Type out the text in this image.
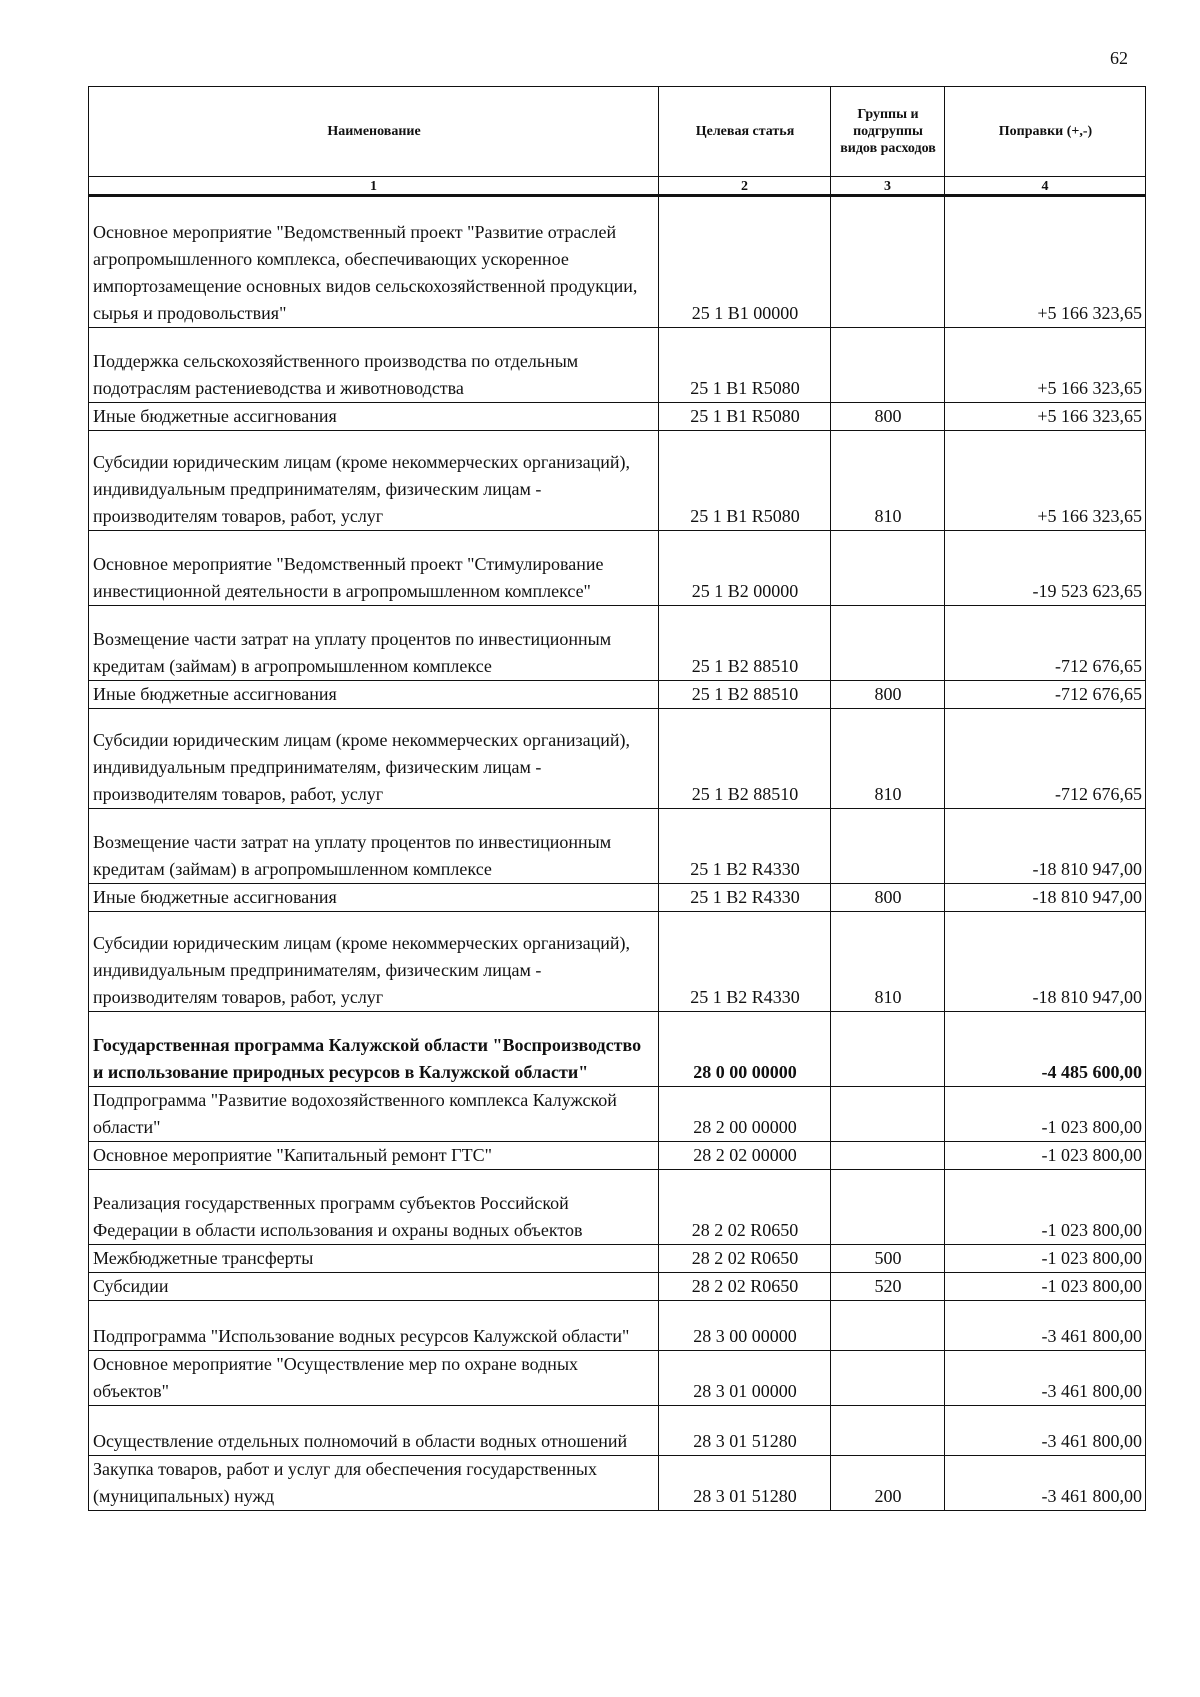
62
Наименование	Целевая статья	Группы и подгруппы видов расходов	Поправки (+,-)
1	2	3	4
Основное мероприятие "Ведомственный проект "Развитие отраслей агропромышленного комплекса, обеспечивающих ускоренное импортозамещение основных видов сельскохозяйственной продукции, сырья и продовольствия"	25 1 B1 00000		+5 166 323,65
Поддержка сельскохозяйственного производства по отдельным подотраслям растениеводства и животноводства	25 1 B1 R5080		+5 166 323,65
Иные бюджетные ассигнования	25 1 B1 R5080	800	+5 166 323,65
Субсидии юридическим лицам (кроме некоммерческих организаций), индивидуальным предпринимателям, физическим лицам - производителям товаров, работ, услуг	25 1 B1 R5080	810	+5 166 323,65
Основное мероприятие "Ведомственный проект "Стимулирование инвестиционной деятельности в агропромышленном комплексе"	25 1 B2 00000		-19 523 623,65
Возмещение части затрат на уплату процентов по инвестиционным кредитам (займам) в агропромышленном комплексе	25 1 B2 88510		-712 676,65
Иные бюджетные ассигнования	25 1 B2 88510	800	-712 676,65
Субсидии юридическим лицам (кроме некоммерческих организаций), индивидуальным предпринимателям, физическим лицам - производителям товаров, работ, услуг	25 1 B2 88510	810	-712 676,65
Возмещение части затрат на уплату процентов по инвестиционным кредитам (займам) в агропромышленном комплексе	25 1 B2 R4330		-18 810 947,00
Иные бюджетные ассигнования	25 1 B2 R4330	800	-18 810 947,00
Субсидии юридическим лицам (кроме некоммерческих организаций), индивидуальным предпринимателям, физическим лицам - производителям товаров, работ, услуг	25 1 B2 R4330	810	-18 810 947,00
Государственная программа Калужской области "Воспроизводство и использование природных ресурсов в Калужской области"	28 0 00 00000		-4 485 600,00
Подпрограмма "Развитие водохозяйственного комплекса Калужской области"	28 2 00 00000		-1 023 800,00
Основное мероприятие "Капитальный ремонт ГТС"	28 2 02 00000		-1 023 800,00
Реализация государственных программ субъектов Российской Федерации в области использования и охраны водных объектов	28 2 02 R0650		-1 023 800,00
Межбюджетные трансферты	28 2 02 R0650	500	-1 023 800,00
Субсидии	28 2 02 R0650	520	-1 023 800,00
Подпрограмма "Использование водных ресурсов Калужской области"	28 3 00 00000		-3 461 800,00
Основное мероприятие "Осуществление мер по охране водных объектов"	28 3 01 00000		-3 461 800,00
Осуществление отдельных полномочий в области водных отношений	28 3 01 51280		-3 461 800,00
Закупка товаров, работ и услуг для обеспечения государственных (муниципальных) нужд	28 3 01 51280	200	-3 461 800,00
